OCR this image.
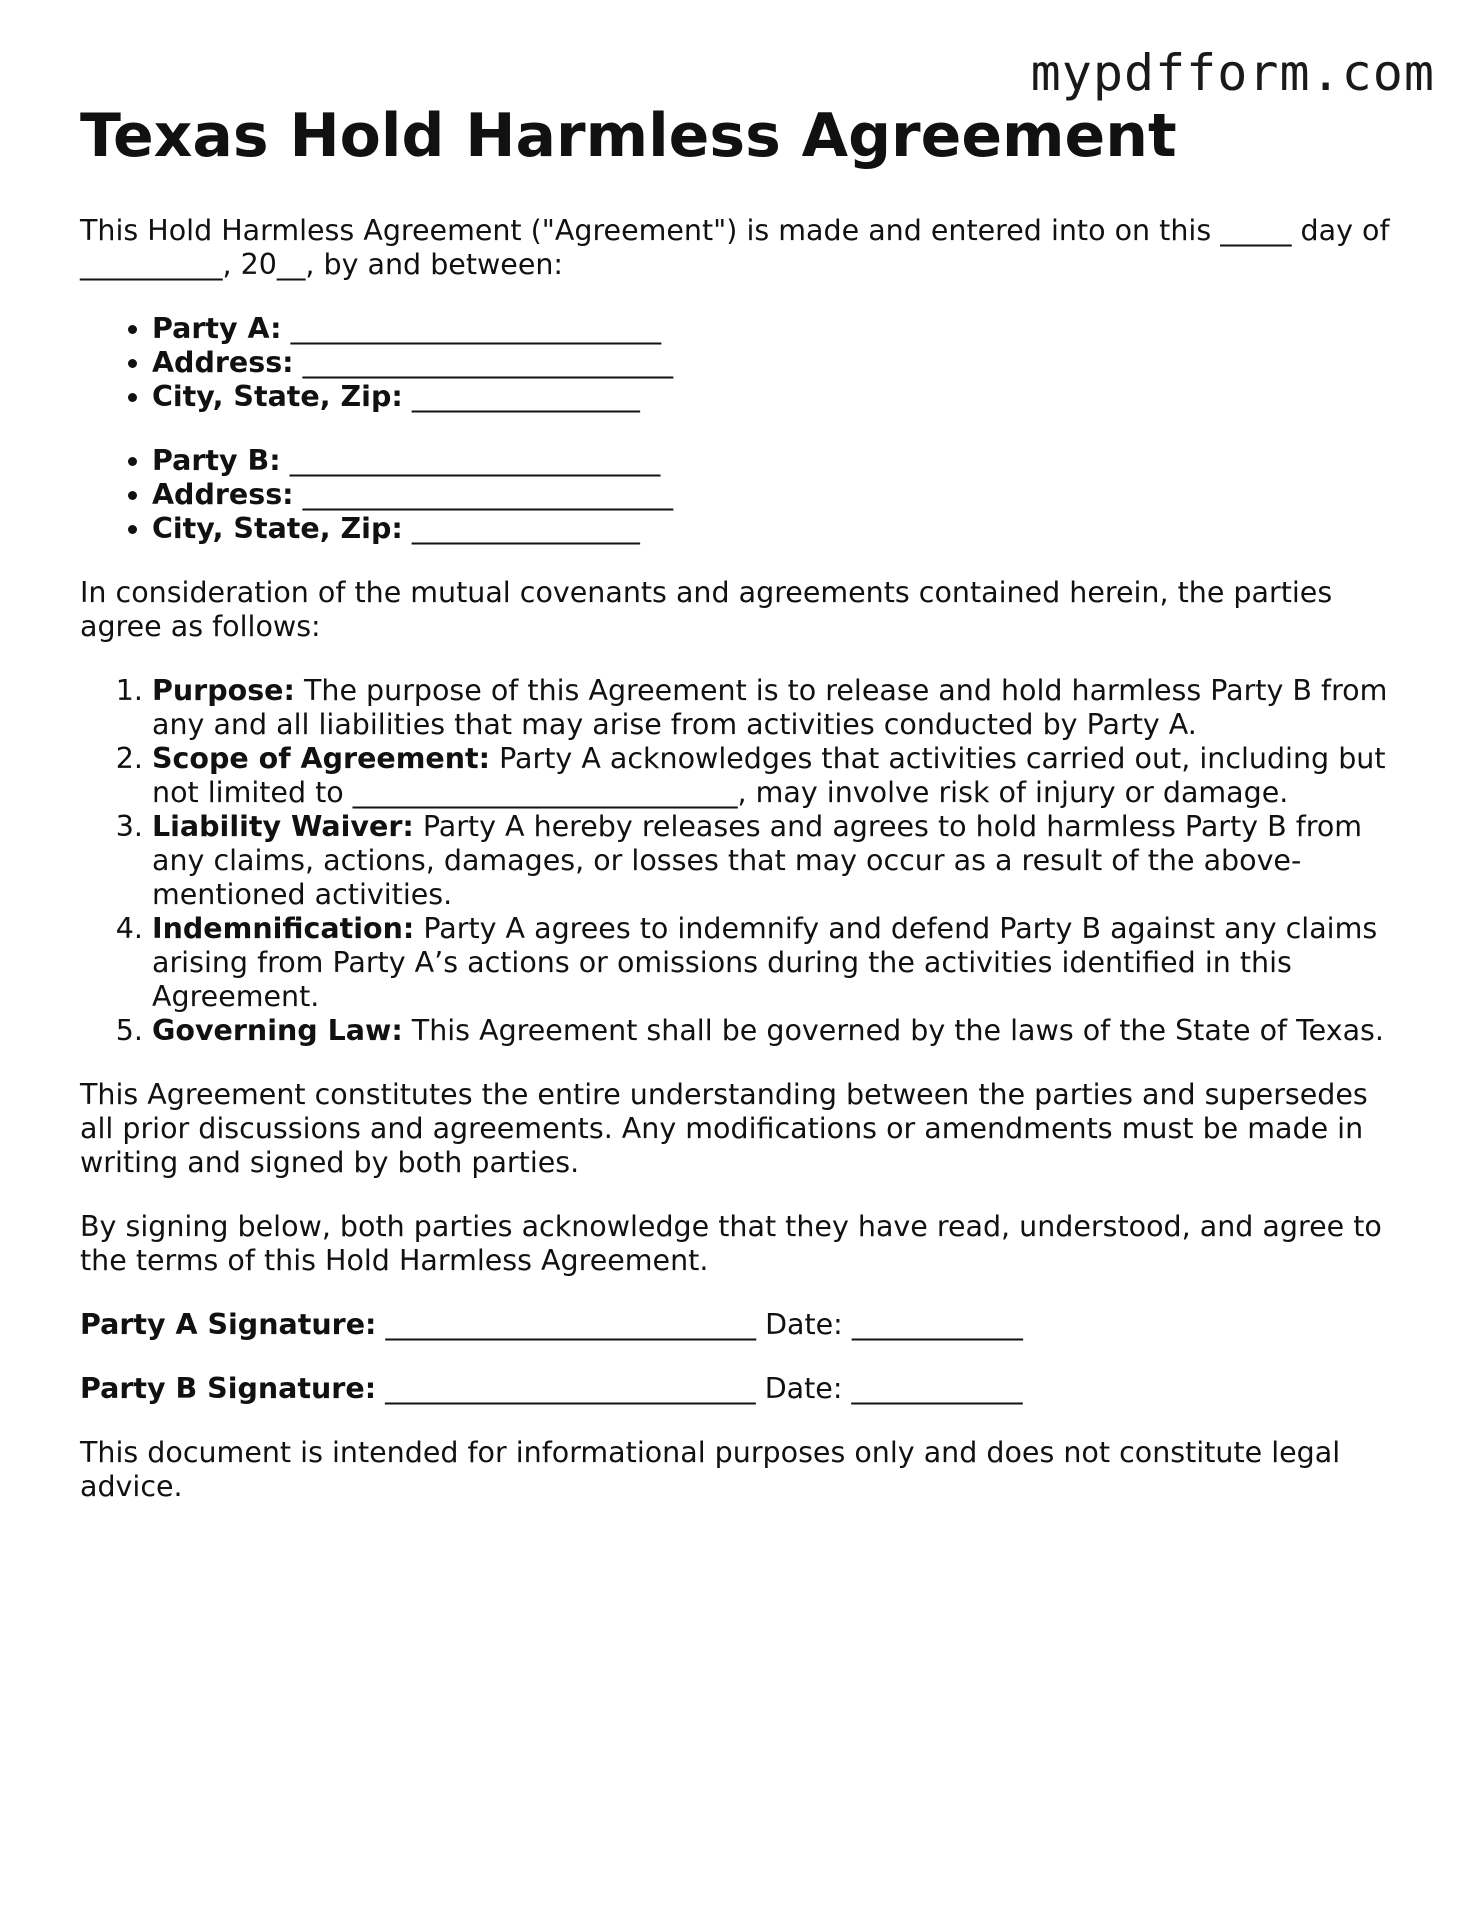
mypdfform.com
Texas Hold Harmless Agreement

This Hold Harmless Agreement ("Agreement") is made and entered into on this _____ day of __________, 20__, by and between:

• Party A: __________________________
• Address: __________________________
• City, State, Zip: ________________
• Party B: __________________________
• Address: __________________________
• City, State, Zip: ________________

In consideration of the mutual covenants and agreements contained herein, the parties agree as follows:

1. Purpose: The purpose of this Agreement is to release and hold harmless Party B from any and all liabilities that may arise from activities conducted by Party A.
2. Scope of Agreement: Party A acknowledges that activities carried out, including but not limited to ___________________________, may involve risk of injury or damage.
3. Liability Waiver: Party A hereby releases and agrees to hold harmless Party B from any claims, actions, damages, or losses that may occur as a result of the above-mentioned activities.
4. Indemnification: Party A agrees to indemnify and defend Party B against any claims arising from Party A’s actions or omissions during the activities identified in this Agreement.
5. Governing Law: This Agreement shall be governed by the laws of the State of Texas.

This Agreement constitutes the entire understanding between the parties and supersedes all prior discussions and agreements. Any modifications or amendments must be made in writing and signed by both parties.

By signing below, both parties acknowledge that they have read, understood, and agree to the terms of this Hold Harmless Agreement.

Party A Signature: __________________________ Date: ____________
Party B Signature: __________________________ Date: ____________

This document is intended for informational purposes only and does not constitute legal advice.
